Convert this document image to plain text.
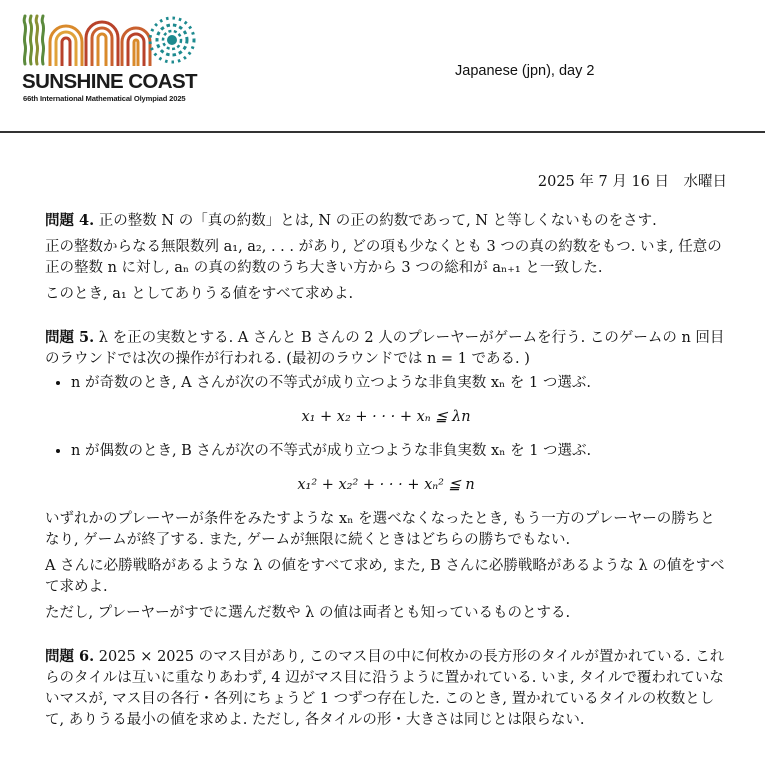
SUNSHINE COAST
66th International Mathematical Olympiad 2025
Japanese (jpn), day 2

2025 年 7 月 16 日　水曜日

問題 4. 正の整数 N の「真の約数」とは, N の正の約数であって, N と等しくないものをさす.

正の整数からなる無限数列 a₁, a₂, . . . があり, どの項も少なくとも 3 つの真の約数をもつ. いま, 任意の正の整数 n に対し, aₙ の真の約数のうち大きい方から 3 つの総和が aₙ₊₁ と一致した.

このとき, a₁ としてありうる値をすべて求めよ.

問題 5. λ を正の実数とする. A さんと B さんの 2 人のプレーヤーがゲームを行う. このゲームの n 回目のラウンドでは次の操作が行われる. (最初のラウンドでは n = 1 である. )

• n が奇数のとき, A さんが次の不等式が成り立つような非負実数 xₙ を 1 つ選ぶ.

x₁ + x₂ + · · · + xₙ ≦ λn

• n が偶数のとき, B さんが次の不等式が成り立つような非負実数 xₙ を 1 つ選ぶ.

x₁² + x₂² + · · · + xₙ² ≦ n

いずれかのプレーヤーが条件をみたすような xₙ を選べなくなったとき, もう一方のプレーヤーの勝ちとなり, ゲームが終了する. また, ゲームが無限に続くときはどちらの勝ちでもない.

A さんに必勝戦略があるような λ の値をすべて求め, また, B さんに必勝戦略があるような λ の値をすべて求めよ.

ただし, プレーヤーがすでに選んだ数や λ の値は両者とも知っているものとする.

問題 6. 2025 × 2025 のマス目があり, このマス目の中に何枚かの長方形のタイルが置かれている. これらのタイルは互いに重なりあわず, 4 辺がマス目に沿うように置かれている. いま, タイルで覆われていないマスが, マス目の各行・各列にちょうど 1 つずつ存在した. このとき, 置かれているタイルの枚数として, ありうる最小の値を求めよ. ただし, 各タイルの形・大きさは同じとは限らない.
